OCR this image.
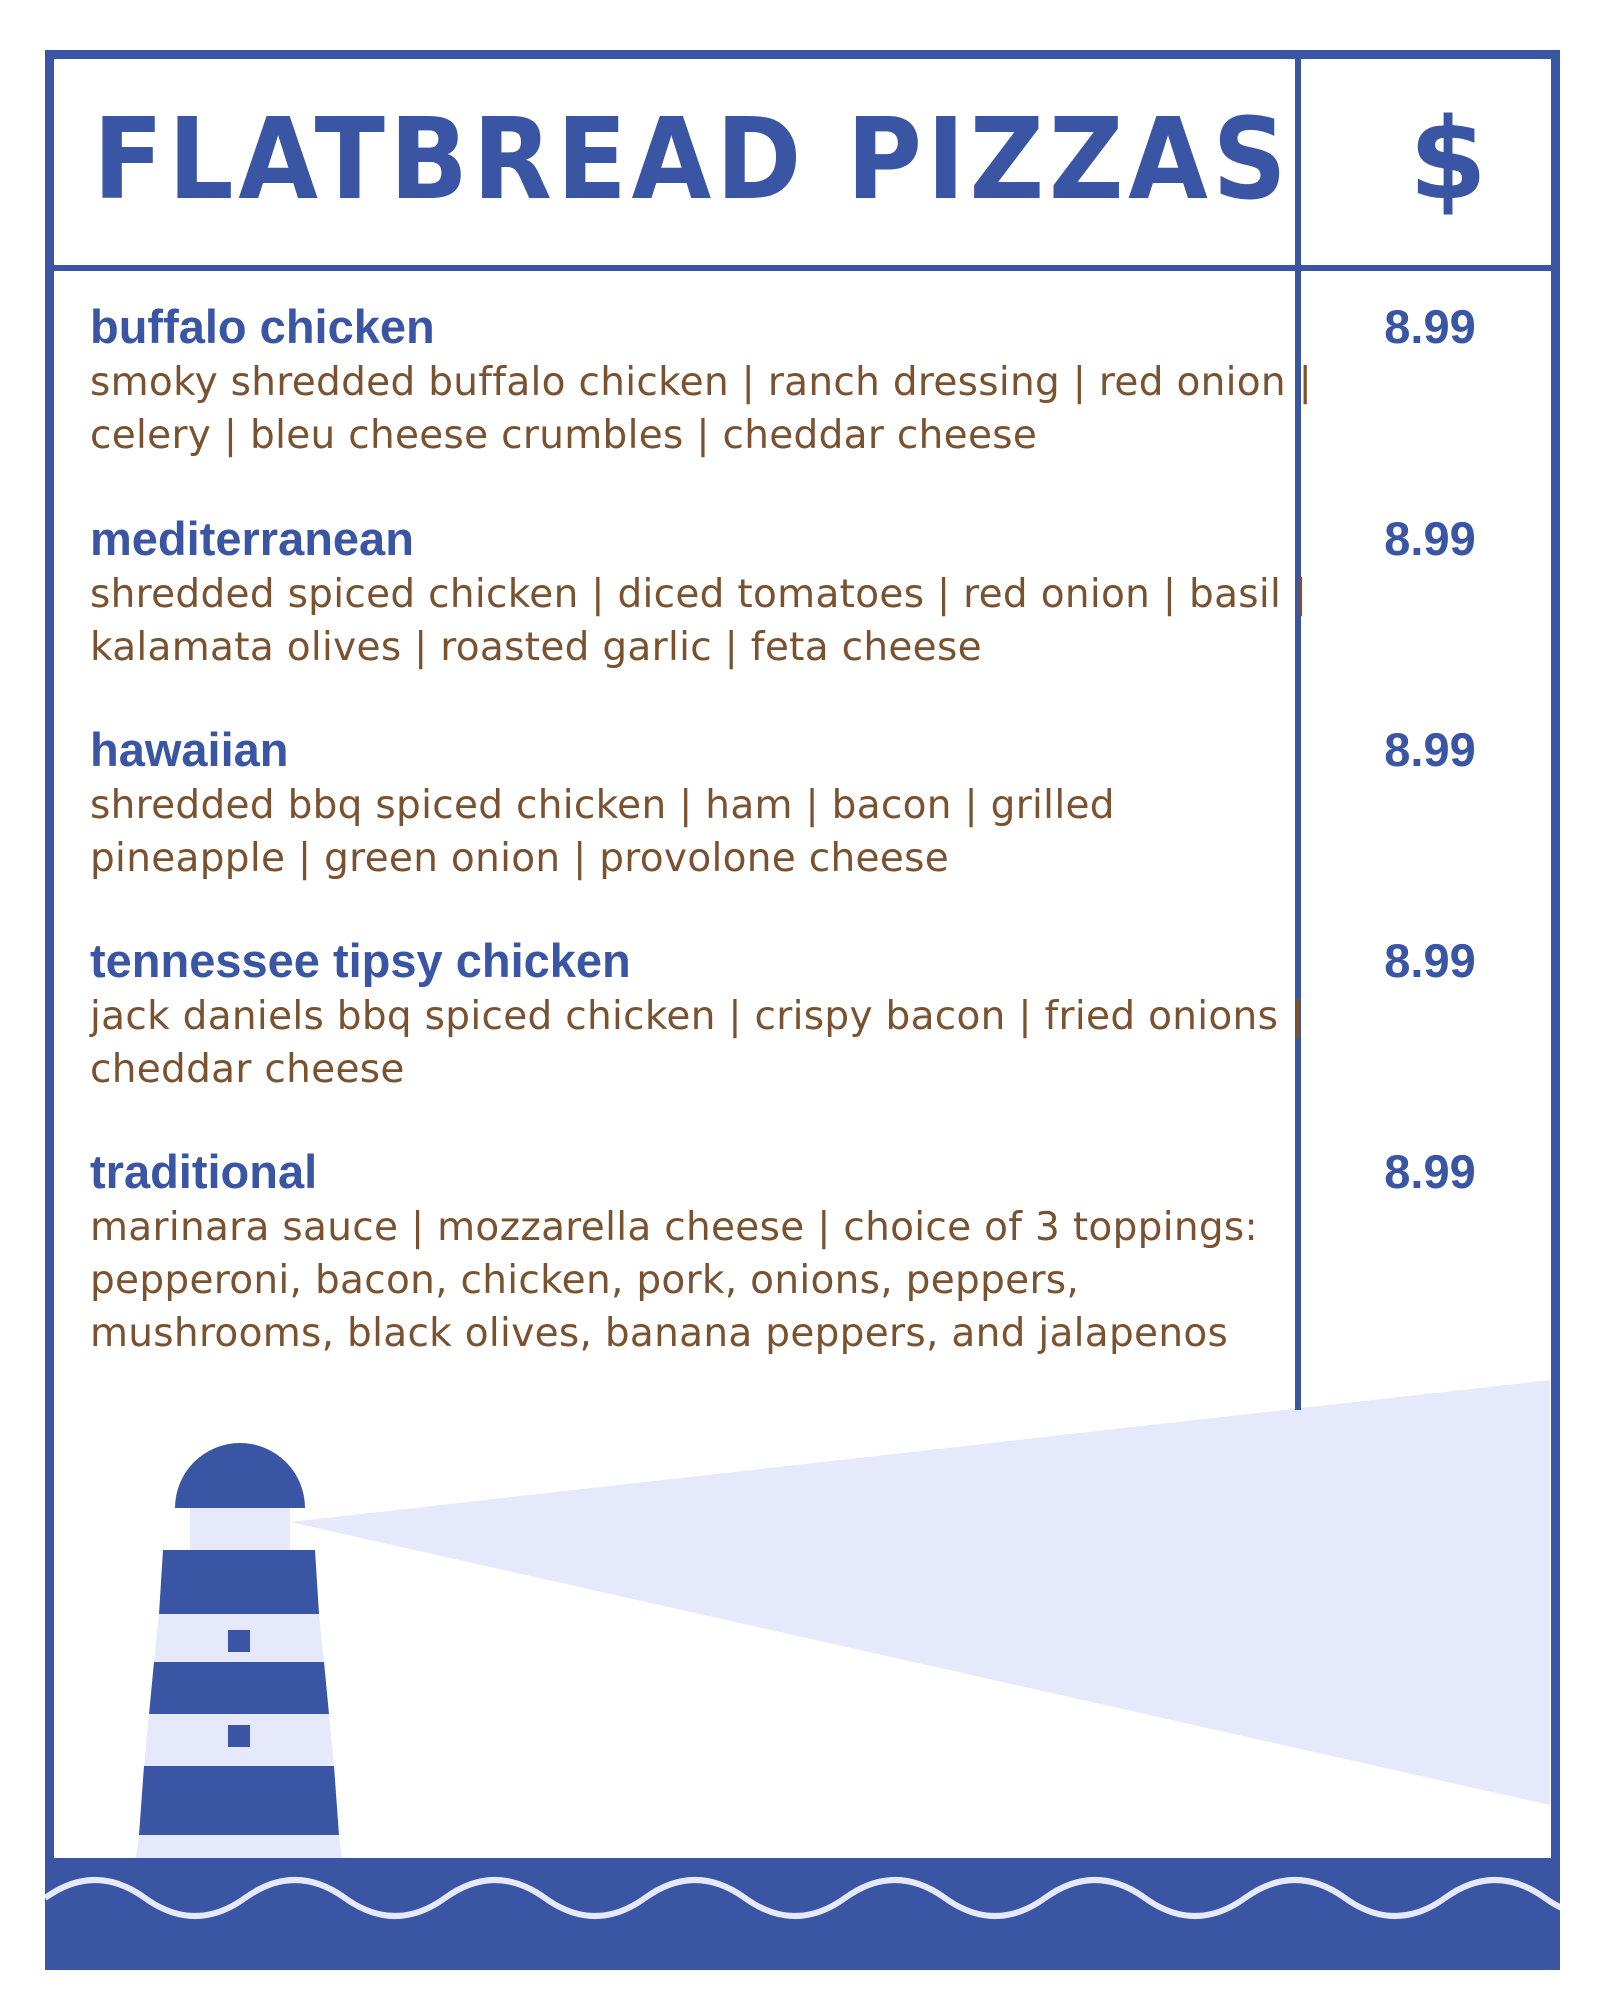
FLATBREAD PIZZAS	$
buffalo chicken
smoky shredded buffalo chicken | ranch dressing | red onion | celery | bleu cheese crumbles | cheddar cheese
8.99
mediterranean
shredded spiced chicken | diced tomatoes | red onion | basil | kalamata olives | roasted garlic | feta cheese
8.99
hawaiian
shredded bbq spiced chicken | ham | bacon | grilled pineapple | green onion | provolone cheese
8.99
tennessee tipsy chicken
jack daniels bbq spiced chicken | crispy bacon | fried onions | cheddar cheese
8.99
traditional
marinara sauce | mozzarella cheese | choice of 3 toppings: pepperoni, bacon, chicken, pork, onions, peppers, mushrooms, black olives, banana peppers, and jalapenos
8.99
